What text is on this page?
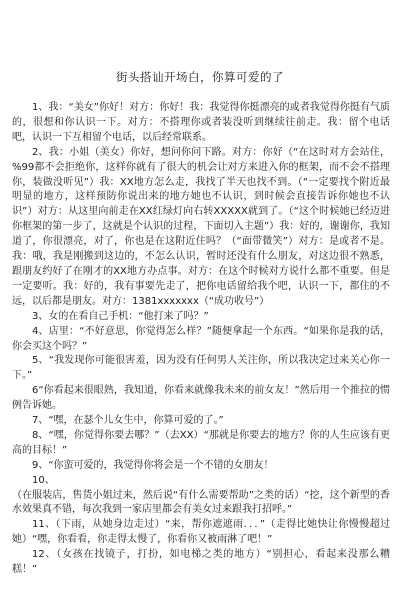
街头搭讪开场白，你算可爱的了

1、我：“美女”你好！对方：你好！我：我觉得你挺漂亮的或者我觉得你挺有气质的，很想和你认识一下。对方：不搭理你或者装没听到继续往前走。我：留个电话吧，认识一下互相留个电话，以后经常联系。

2、我：小姐（美女）你好，想问你问下路。对方：你好（“在这时对方会站住，%99都不会拒绝你，这样你就有了很大的机会让对方来进入你的框架，而不会不搭理你，装做没听见”）我：XX地方怎么走，我找了半天也找不到。（“一定要找个附近最明显的地方，这样预防你说出来的地方她也不认识，到时候会直接告诉你她也不认识”）对方：从这里向前走在XX红绿灯向右转XXXXX就到了。（“这个时候她已经迈进你框架的第一步了，这就是个认识的过程，下面切入主题”）我：好的，谢谢你，我知道了，你很漂亮，对了，你也是在这附近住吗？（“面带微笑”）对方：是或者不是。我：哦，我是刚搬到这边的，不怎么认识，暂时还没有什么朋友，对这边很不熟悉，跟朋友约好了在刚才的XX地方办点事。对方：在这个时候对方说什么都不重要。但是一定要听。我：好的，我有事要先走了，把你电话留给我个吧，认识一下，都住的不远，以后都是朋友。对方：1381xxxxxxx（“成功收号”）

3、女的在看自己手机：“他打来了吗？”

4、店里：“不好意思，你觉得怎么样？”随便拿起一个东西。“如果你是我的话，你会买这个吗？”

5、“我发现你可能很害羞，因为没有任何男人关注你，所以我决定过来关心你一下。”

6“你看起来很眼熟，我知道，你看来就像我未来的前女友！”然后用一个推拉的惯例告诉她。

7、“嘿，在瑟个儿女生中，你算可爱的了。”

8、“嘿，你觉得你要去哪？”（去XX）“那就是你要去的地方？你的人生应该有更高的目标！”

9、“你蛮可爱的，我觉得你将会是一个不错的女朋友！

10、

（在服装店，售货小姐过来，然后说“有什么需要帮助”之类的话）“挖，这个新型的香水效果真不错，每次我到一家店里都会有美女过来跟我打招呼。”

11、（下雨，从她身边走过）“来，帮你遮遮雨．．．”（走得比她快让你慢慢超过她）“嘿，你看看，你走得太慢了，你看你又被雨淋了吧！”

12、（女孩在找镜子，打扮，如电梯之类的地方）“别担心，看起来没那么糟糕！”
